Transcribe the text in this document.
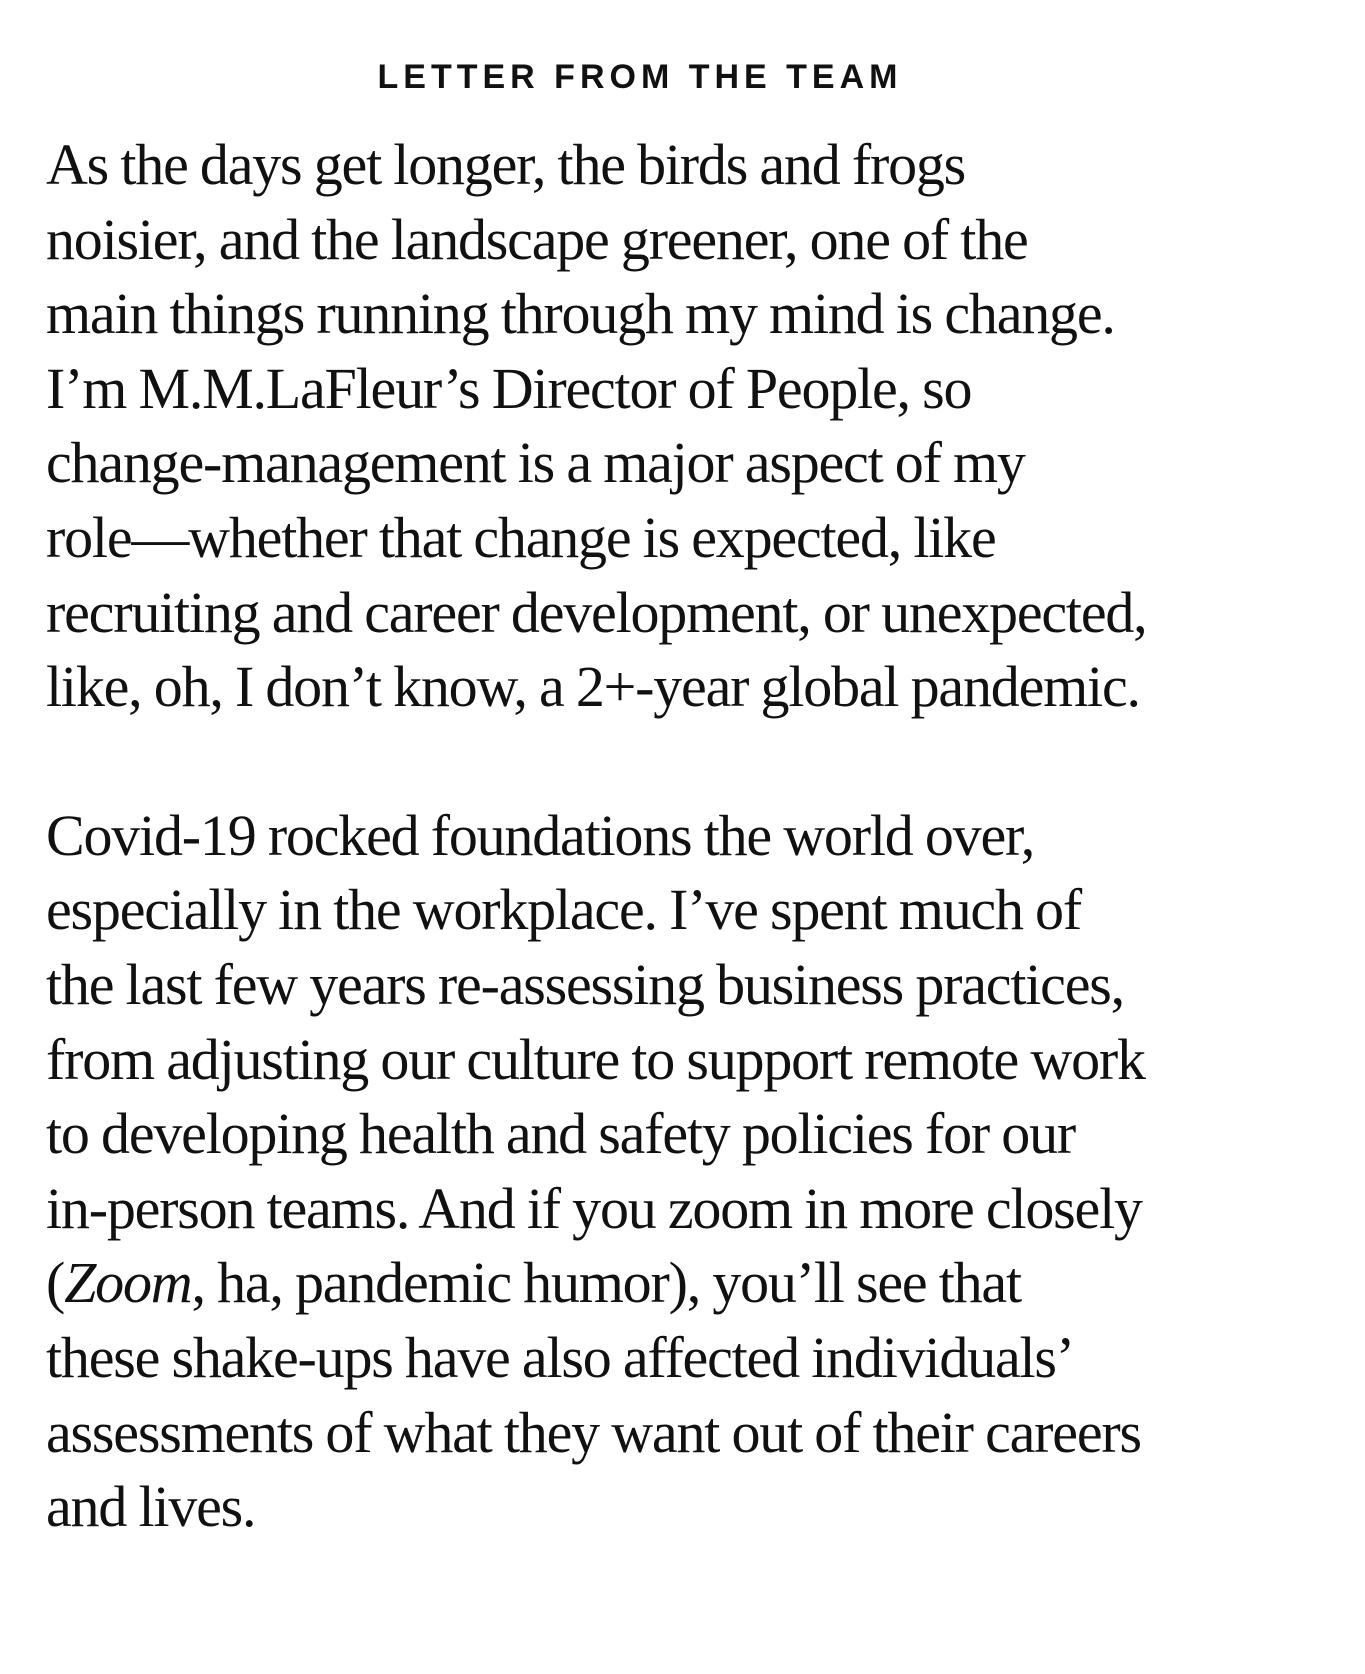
LETTER FROM THE TEAM

As the days get longer, the birds and frogs
noisier, and the landscape greener, one of the
main things running through my mind is change.
I’m M.M.LaFleur’s Director of People, so
change-management is a major aspect of my
role—whether that change is expected, like
recruiting and career development, or unexpected,
like, oh, I don’t know, a 2+-year global pandemic.

Covid-19 rocked foundations the world over,
especially in the workplace. I’ve spent much of
the last few years re-assessing business practices,
from adjusting our culture to support remote work
to developing health and safety policies for our
in-person teams. And if you zoom in more closely
(Zoom, ha, pandemic humor), you’ll see that
these shake-ups have also affected individuals’
assessments of what they want out of their careers
and lives.
